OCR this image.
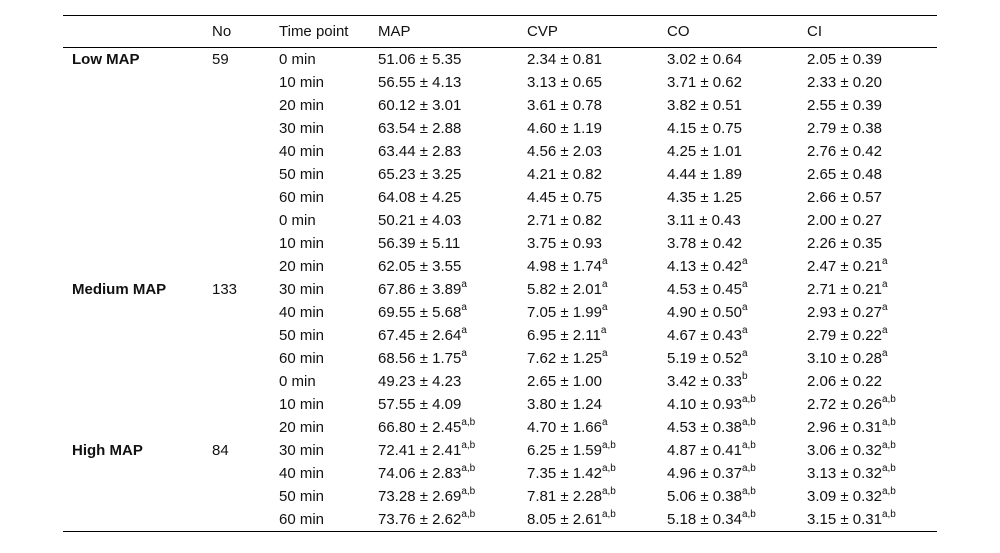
	No	Time point	MAP	CVP	CO	CI
Low MAP	59	0 min	51.06 ± 5.35	2.34 ± 0.81	3.02 ± 0.64	2.05 ± 0.39
		10 min	56.55 ± 4.13	3.13 ± 0.65	3.71 ± 0.62	2.33 ± 0.20
		20 min	60.12 ± 3.01	3.61 ± 0.78	3.82 ± 0.51	2.55 ± 0.39
		30 min	63.54 ± 2.88	4.60 ± 1.19	4.15 ± 0.75	2.79 ± 0.38
		40 min	63.44 ± 2.83	4.56 ± 2.03	4.25 ± 1.01	2.76 ± 0.42
		50 min	65.23 ± 3.25	4.21 ± 0.82	4.44 ± 1.89	2.65 ± 0.48
		60 min	64.08 ± 4.25	4.45 ± 0.75	4.35 ± 1.25	2.66 ± 0.57
		0 min	50.21 ± 4.03	2.71 ± 0.82	3.11 ± 0.43	2.00 ± 0.27
		10 min	56.39 ± 5.11	3.75 ± 0.93	3.78 ± 0.42	2.26 ± 0.35
		20 min	62.05 ± 3.55	4.98 ± 1.74$^a$	4.13 ± 0.42$^a$	2.47 ± 0.21$^a$
Medium MAP	133	30 min	67.86 ± 3.89$^a$	5.82 ± 2.01$^a$	4.53 ± 0.45$^a$	2.71 ± 0.21$^a$
		40 min	69.55 ± 5.68$^a$	7.05 ± 1.99$^a$	4.90 ± 0.50$^a$	2.93 ± 0.27$^a$
		50 min	67.45 ± 2.64$^a$	6.95 ± 2.11$^a$	4.67 ± 0.43$^a$	2.79 ± 0.22$^a$
		60 min	68.56 ± 1.75$^a$	7.62 ± 1.25$^a$	5.19 ± 0.52$^a$	3.10 ± 0.28$^a$
		0 min	49.23 ± 4.23	2.65 ± 1.00	3.42 ± 0.33$^b$	2.06 ± 0.22
		10 min	57.55 ± 4.09	3.80 ± 1.24	$4.10 \pm 0.93^{a,b}$	$2.72 \pm 0.26^{a,b}$
		20 min	$66.80 \pm 2.45^{a,b}$	4.70 ± 1.66$^a$	$4.53 \pm 0.38^{a,b}$	$2.96 \pm 0.31^{a,b}$
High MAP	84	30 min	$72.41 \pm 2.41^{a,b}$	$6.25 \pm 1.59^{a,b}$	$4.87 \pm 0.41^{a,b}$	$3.06 \pm 0.32^{a,b}$
		40 min	$74.06 \pm 2.83^{a,b}$	$7.35 \pm 1.42^{a,b}$	$4.96 \pm 0.37^{a,b}$	$3.13 \pm 0.32^{a,b}$
		50 min	$73.28 \pm 2.69^{a,b}$	$7.81 \pm 2.28^{a,b}$	$5.06 \pm 0.38^{a,b}$	$3.09 \pm 0.32^{a,b}$
		60 min	$73.76 \pm 2.62^{a,b}$	$8.05 \pm 2.61^{a,b}$	$5.18 \pm 0.34^{a,b}$	$3.15 \pm 0.31^{a,b}$
